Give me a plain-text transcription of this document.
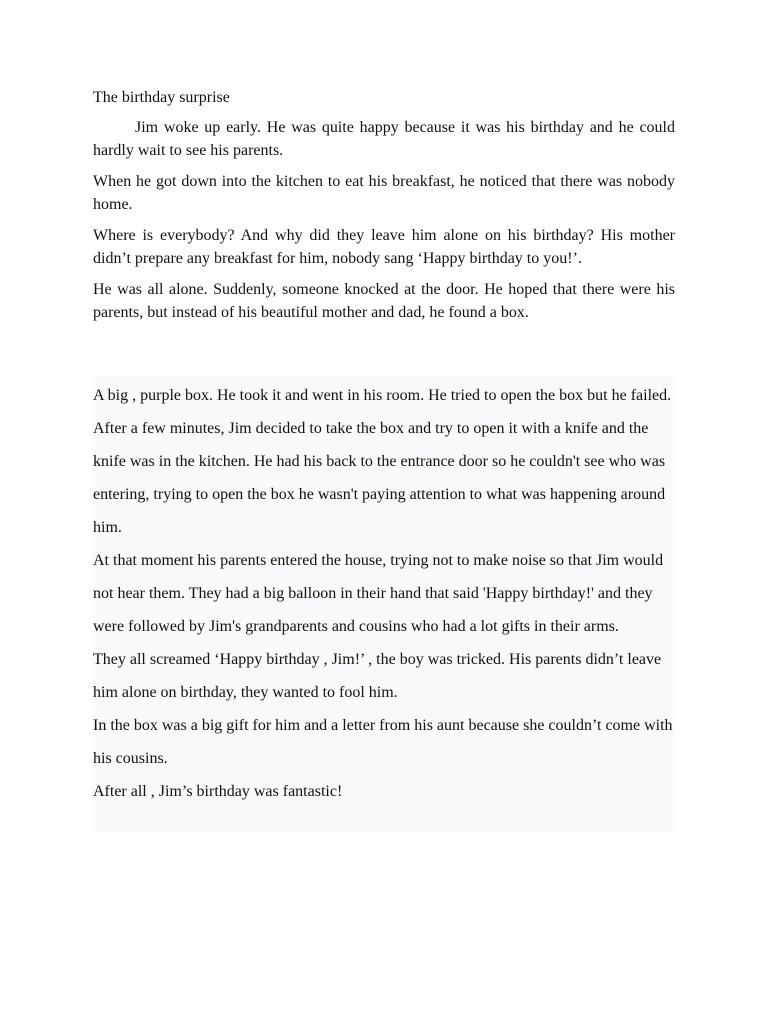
The birthday surprise

Jim woke up early. He was quite happy because it was his birthday and he could hardly wait to see his parents.

When he got down into the kitchen to eat his breakfast, he noticed that there was nobody home.

Where is everybody? And why did they leave him alone on his birthday? His mother didn’t prepare any breakfast for him, nobody sang ‘Happy birthday to you!’.

He was all alone. Suddenly, someone knocked at the door. He hoped that there were his parents, but instead of his beautiful mother and dad, he found a box.

A big , purple box. He took it and went in his room. He tried to open the box but he failed. After a few minutes, Jim decided to take the box and try to open it with a knife and the knife was in the kitchen. He had his back to the entrance door so he couldn't see who was entering, trying to open the box he wasn't paying attention to what was happening around him.

At that moment his parents entered the house, trying not to make noise so that Jim would not hear them. They had a big balloon in their hand that said 'Happy birthday!' and they were followed by Jim's grandparents and cousins who had a lot gifts in their arms.

They all screamed ‘Happy birthday , Jim!’ , the boy was tricked. His parents didn’t leave him alone on birthday, they wanted to fool him.

In the box was a big gift for him and a letter from his aunt because she couldn’t come with his cousins.

After all , Jim’s birthday was fantastic!
